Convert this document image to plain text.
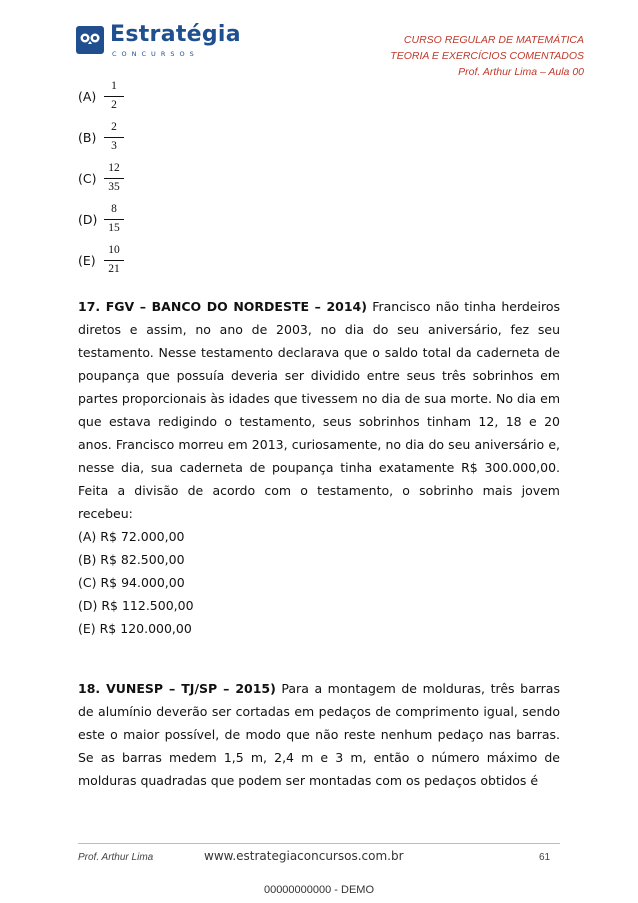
Estratégia
CONCURSOS
CURSO REGULAR DE MATEMÁTICA
TEORIA E EXERCÍCIOS COMENTADOS
Prof. Arthur Lima – Aula 00
(A)
1
2
(B)
2
3
(C)
12
35
(D)
8
15
(E)
10
21

17. FGV – BANCO DO NORDESTE – 2014) Francisco não tinha herdeiros diretos e assim, no ano de 2003, no dia do seu aniversário, fez seu testamento. Nesse testamento declarava que o saldo total da caderneta de poupança que possuía deveria ser dividido entre seus três sobrinhos em partes proporcionais às idades que tivessem no dia de sua morte. No dia em que estava redigindo o testamento, seus sobrinhos tinham 12, 18 e 20 anos. Francisco morreu em 2013, curiosamente, no dia do seu aniversário e, nesse dia, sua caderneta de poupança tinha exatamente R$ 300.000,00. Feita a divisão de acordo com o testamento, o sobrinho mais jovem recebeu:

(A) R$ 72.000,00

(B) R$ 82.500,00

(C) R$ 94.000,00

(D) R$ 112.500,00

(E) R$ 120.000,00

18. VUNESP – TJ/SP – 2015) Para a montagem de molduras, três barras de alumínio deverão ser cortadas em pedaços de comprimento igual, sendo este o maior possível, de modo que não reste nenhum pedaço nas barras. Se as barras medem 1,5 m, 2,4 m e 3 m, então o número máximo de molduras quadradas que podem ser montadas com os pedaços obtidos é

Prof. Arthur Lima	www.estrategiaconcursos.com.br	61
00000000000 - DEMO
